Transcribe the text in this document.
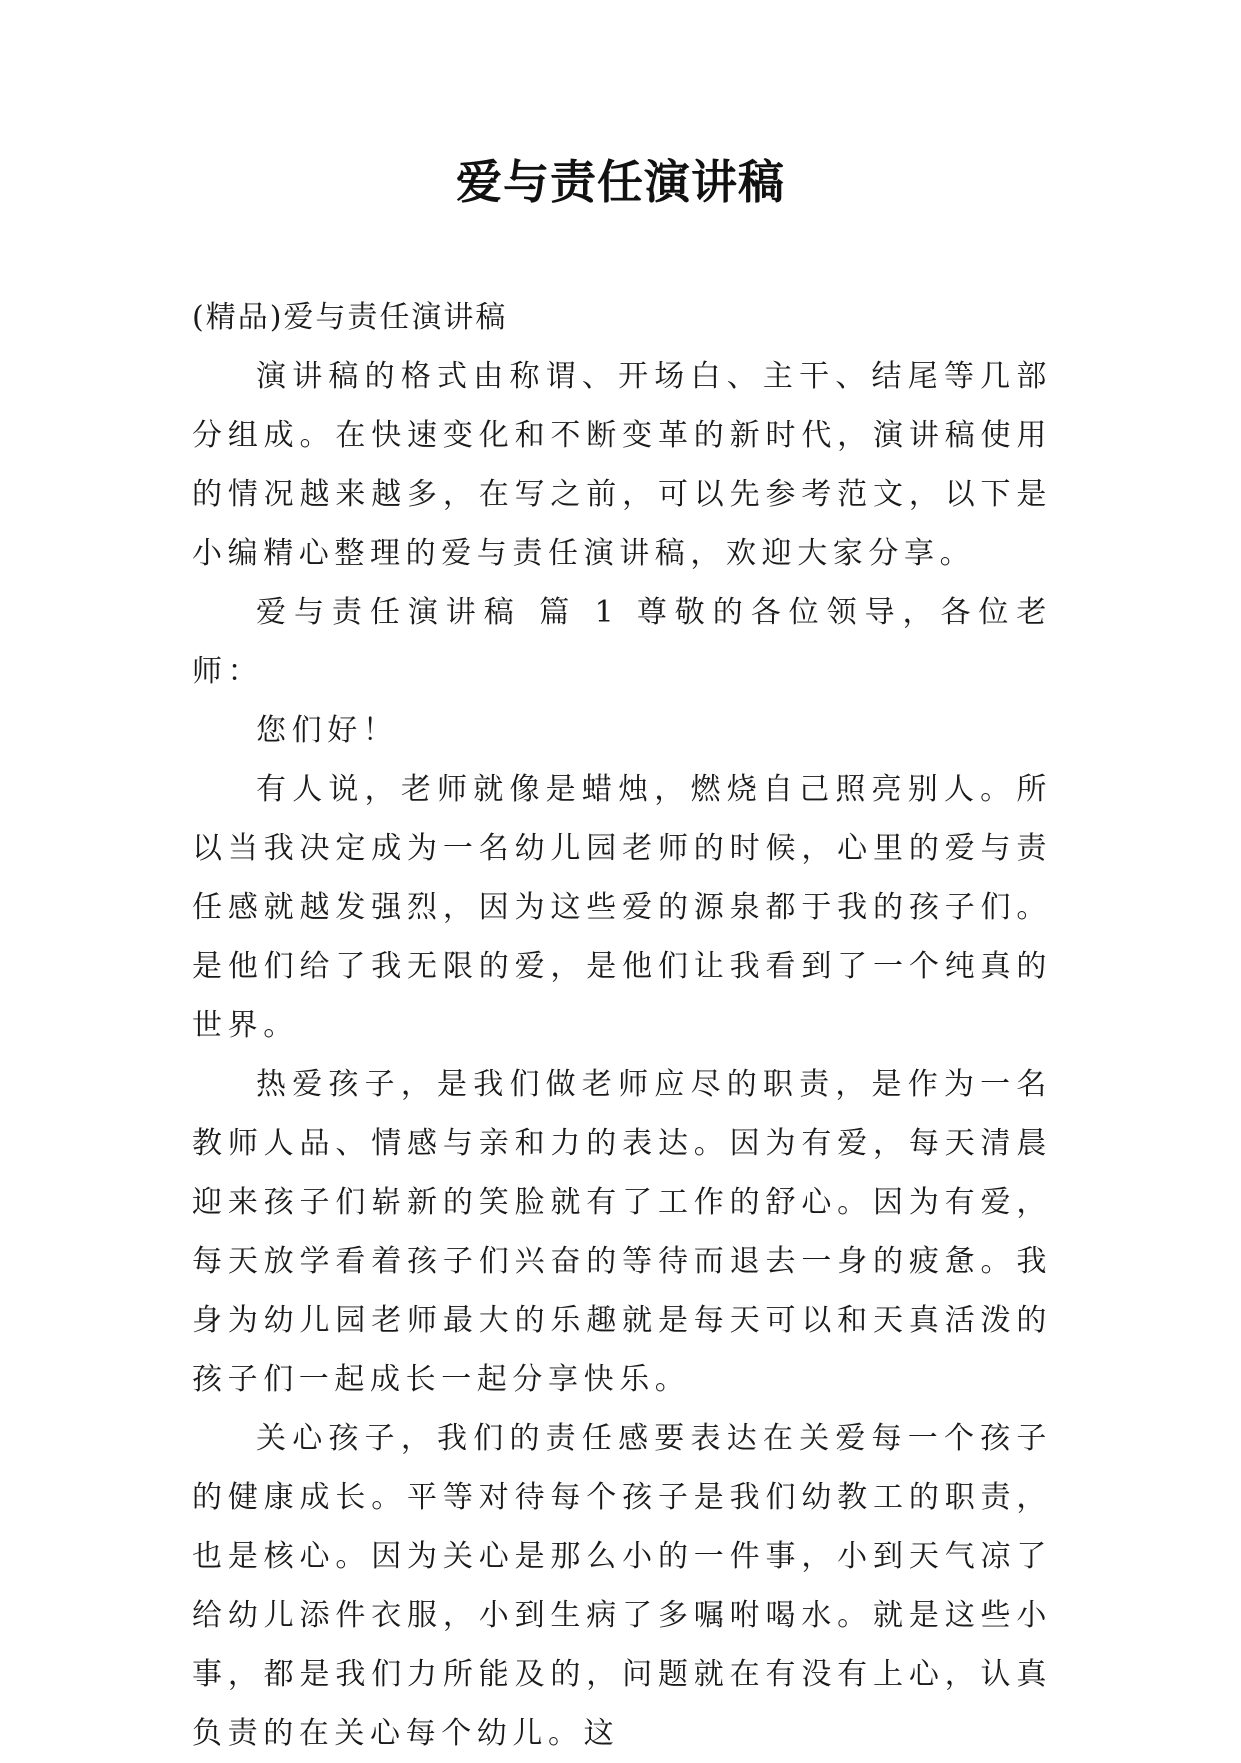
爱与责任演讲稿

(精品)爱与责任演讲稿

演讲稿的格式由称谓、开场白、主干、结尾等几部分组成。在快速变化和不断变革的新时代，演讲稿使用的情况越来越多，在写之前，可以先参考范文，以下是小编精心整理的爱与责任演讲稿，欢迎大家分享。

爱与责任演讲稿 篇 1 尊敬的各位领导，各位老师：

您们好！

有人说，老师就像是蜡烛，燃烧自己照亮别人。所以当我决定成为一名幼儿园老师的时候，心里的爱与责任感就越发强烈，因为这些爱的源泉都于我的孩子们。是他们给了我无限的爱，是他们让我看到了一个纯真的世界。

热爱孩子，是我们做老师应尽的职责，是作为一名教师人品、情感与亲和力的表达。因为有爱，每天清晨迎来孩子们崭新的笑脸就有了工作的舒心。因为有爱，每天放学看着孩子们兴奋的等待而退去一身的疲惫。我身为幼儿园老师最大的乐趣就是每天可以和天真活泼的孩子们一起成长一起分享快乐。

关心孩子，我们的责任感要表达在关爱每一个孩子的健康成长。平等对待每个孩子是我们幼教工的职责，也是核心。因为关心是那么小的一件事，小到天气凉了给幼儿添件衣服，小到生病了多嘱咐喝水。就是这些小事，都是我们力所能及的，问题就在有没有上心，认真负责的在关心每个幼儿。这
